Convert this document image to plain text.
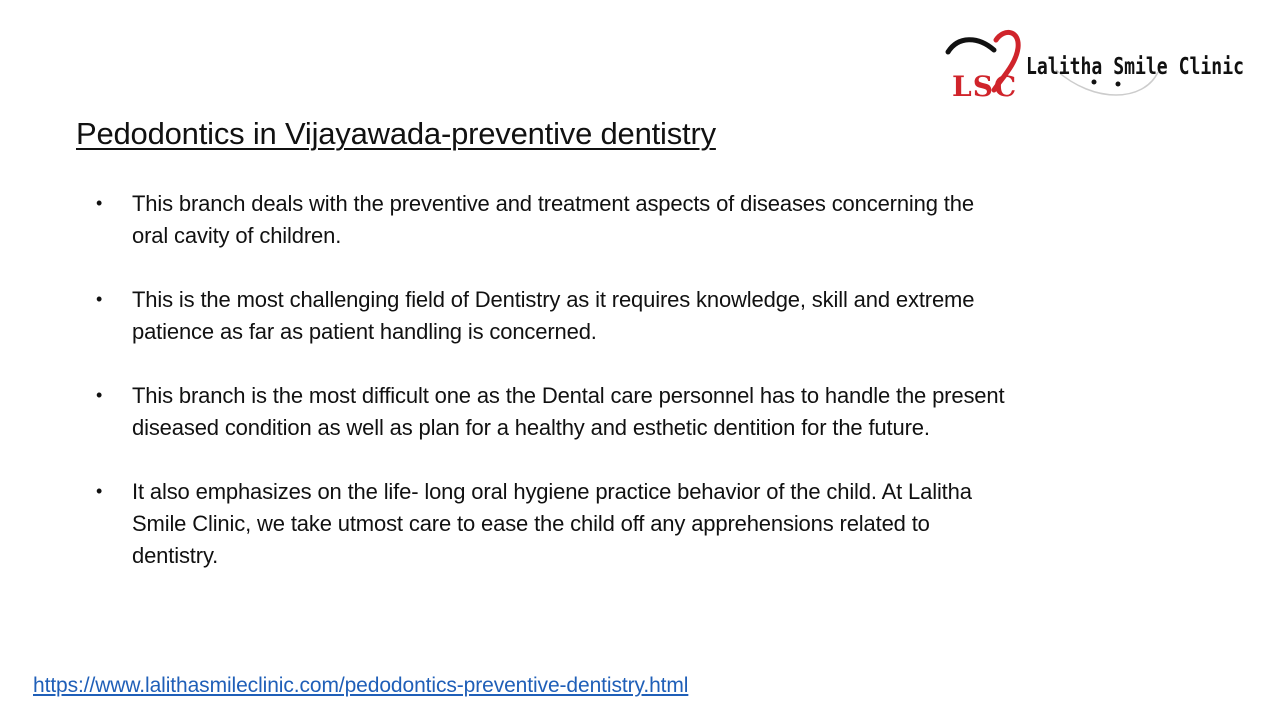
LSC
Lalitha Smile Clinic
Pedodontics in Vijayawada-preventive dentistry
• This branch deals with the preventive and treatment aspects of diseases concerning the oral cavity of children.
• This is the most challenging field of Dentistry as it requires knowledge, skill and extreme patience as far as patient handling is concerned.
• This branch is the most difficult one as the Dental care personnel has to handle the present diseased condition as well as plan for a healthy and esthetic dentition for the future.
• It also emphasizes on the life- long oral hygiene practice behavior of the child. At Lalitha Smile Clinic, we take utmost care to ease the child off any apprehensions related to dentistry.
https://www.lalithasmileclinic.com/pedodontics-preventive-dentistry.html
